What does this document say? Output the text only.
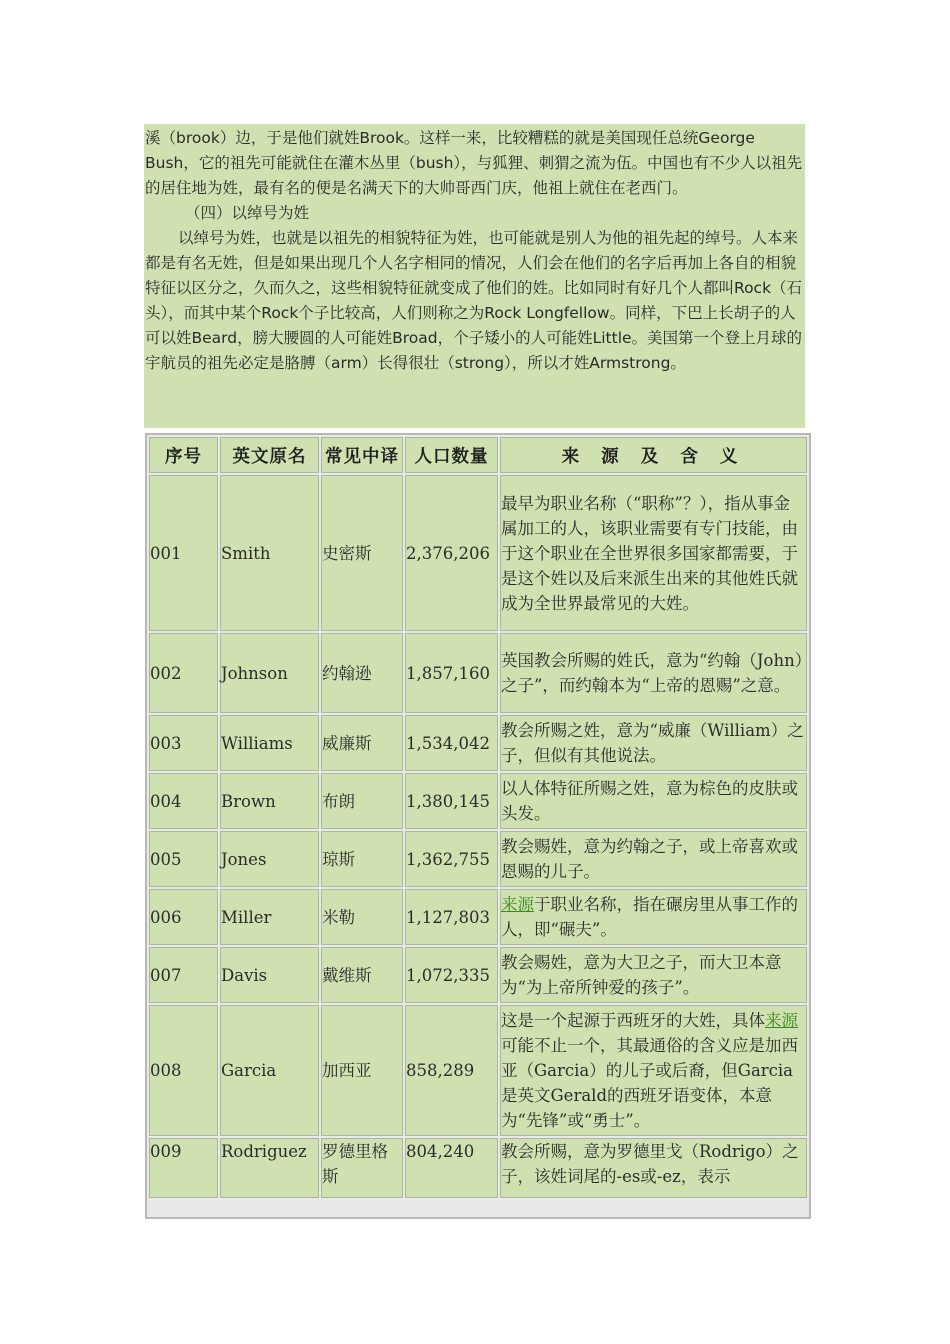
溪（brook）边，于是他们就姓Brook。这样一来，比较糟糕的就是美国现任总统George Bush，它的祖先可能就住在灌木丛里（bush），与狐狸、刺猬之流为伍。中国也有不少人以祖先的居住地为姓，最有名的便是名满天下的大帅哥西门庆，他祖上就住在老西门。

（四）以绰号为姓

以绰号为姓，也就是以祖先的相貌特征为姓，也可能就是别人为他的祖先起的绰号。人本来都是有名无姓，但是如果出现几个人名字相同的情况，人们会在他们的名字后再加上各自的相貌特征以区分之，久而久之，这些相貌特征就变成了他们的姓。比如同时有好几个人都叫Rock（石头），而其中某个Rock个子比较高，人们则称之为Rock Longfellow。同样，下巴上长胡子的人可以姓Beard，膀大腰圆的人可能姓Broad，个子矮小的人可能姓Little。美国第一个登上月球的宇航员的祖先必定是胳膊（arm）长得很壮（strong），所以才姓Armstrong。

序号	英文原名	常见中译	人口数量	来 源 及 含 义
001	Smith	史密斯	2,376,206	最早为职业名称（“职称”？），指从事金属加工的人，该职业需要有专门技能，由于这个职业在全世界很多国家都需要，于是这个姓以及后来派生出来的其他姓氏就成为全世界最常见的大姓。
002	Johnson	约翰逊	1,857,160	英国教会所赐的姓氏，意为“约翰（John）之子”，而约翰本为“上帝的恩赐”之意。
003	Williams	威廉斯	1,534,042	教会所赐之姓，意为“威廉（William）之子，但似有其他说法。
004	Brown	布朗	1,380,145	以人体特征所赐之姓，意为棕色的皮肤或头发。
005	Jones	琼斯	1,362,755	教会赐姓，意为约翰之子，或上帝喜欢或恩赐的儿子。
006	Miller	米勒	1,127,803	来源于职业名称，指在碾房里从事工作的人，即“碾夫”。
007	Davis	戴维斯	1,072,335	教会赐姓，意为大卫之子，而大卫本意为“为上帝所钟爱的孩子”。
008	Garcia	加西亚	858,289	这是一个起源于西班牙的大姓，具体来源可能不止一个，其最通俗的含义应是加西亚（Garcia）的儿子或后裔，但Garcia是英文Gerald的西班牙语变体，本意为“先锋”或“勇士”。
009	Rodriguez	罗德里格斯	804,240	教会所赐，意为罗德里戈（Rodrigo）之子，该姓词尾的-es或-ez，表示
